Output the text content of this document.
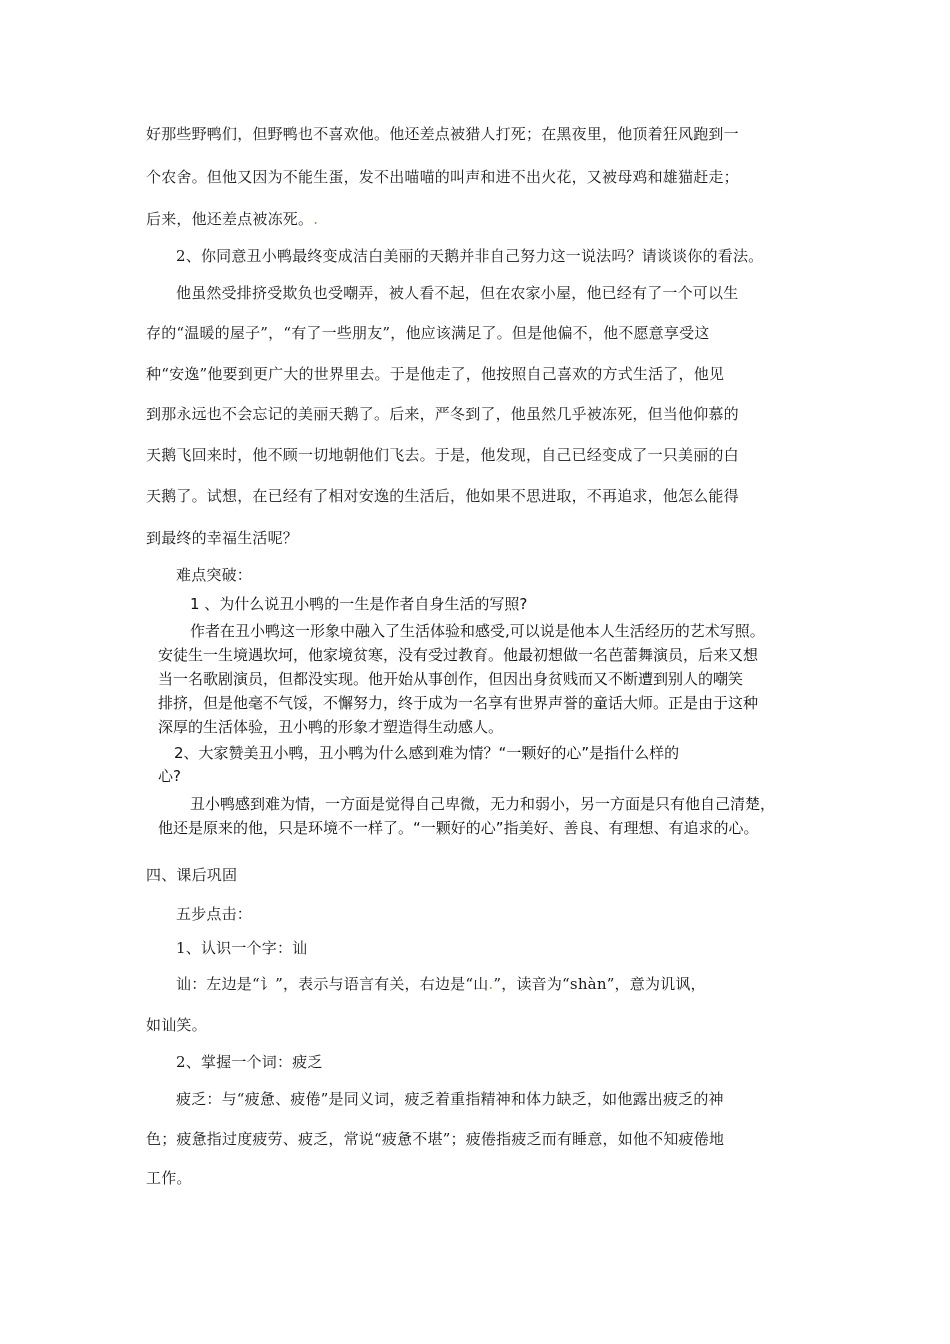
好那些野鸭们，但野鸭也不喜欢他。他还差点被猎人打死；在黑夜里，他顶着狂风跑到一
个农舍。但他又因为不能生蛋，发不出喵喵的叫声和进不出火花，又被母鸡和雄猫赶走；
后来，他还差点被冻死。.
2、你同意丑小鸭最终变成洁白美丽的天鹅并非自己努力这一说法吗？请谈谈你的看法。
他虽然受排挤受欺负也受嘲弄，被人看不起，但在农家小屋，他已经有了一个可以生
存的“温暖的屋子”，“有了一些朋友”，他应该满足了。但是他偏不，他不愿意享受这
种“安逸”他要到更广大的世界里去。于是他走了，他按照自己喜欢的方式生活了，他见
到那永远也不会忘记的美丽天鹅了。后来，严冬到了，他虽然几乎被冻死，但当他仰慕的
天鹅飞回来时，他不顾一切地朝他们飞去。于是，他发现，自己已经变成了一只美丽的白
天鹅了。试想，在已经有了相对安逸的生活后，他如果不思进取，不再追求，他怎么能得
到最终的幸福生活呢？
难点突破：
1 、为什么说丑小鸭的一生是作者自身生活的写照?
作者在丑小鸭这一形象中融入了生活体验和感受,可以说是他本人生活经历的艺术写照。
安徒生一生境遇坎坷，他家境贫寒，没有受过教育。他最初想做一名芭蕾舞演员，后来又想
当一名歌剧演员，但都没实现。他开始从事创作，但因出身贫贱而又不断遭到别人的嘲笑
排挤，但是他毫不气馁，不懈努力，终于成为一名享有世界声誉的童话大师。正是由于这种
深厚的生活体验，丑小鸭的形象才塑造得生动感人。
2、大家赞美丑小鸭，丑小鸭为什么感到难为情？“一颗好的心”是指什么样的
心?
丑小鸭感到难为情，一方面是觉得自己卑微，无力和弱小，另一方面是只有他自己清楚，
他还是原来的他，只是环境不一样了。“一颗好的心”指美好、善良、有理想、有追求的心。
四、课后巩固
五步点击：
1、认识一个字：讪
讪：左边是“讠”，表示与语言有关，右边是“山.”，读音为“shàn”，意为讥讽，
如讪笑。
2、掌握一个词：疲乏
疲乏：与“疲惫、疲倦”是同义词，疲乏着重指精神和体力缺乏，如他露出疲乏的神
色；疲惫指过度疲劳、疲乏，常说“疲惫不堪”；疲倦指疲乏而有睡意，如他不知疲倦地
工作。
